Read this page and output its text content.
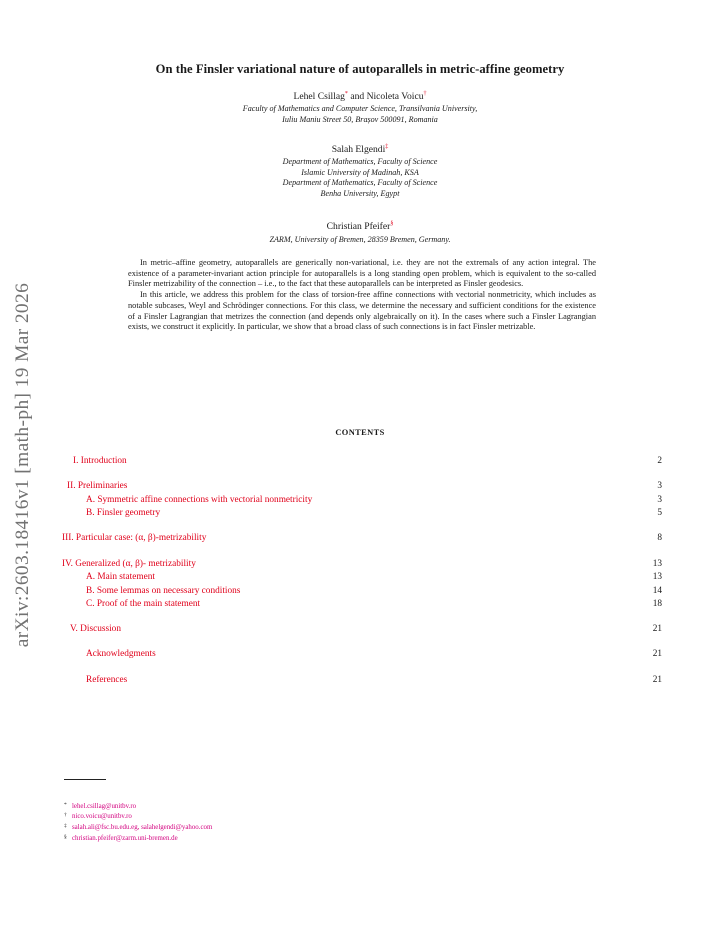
On the Finsler variational nature of autoparallels in metric-affine geometry
Lehel Csillag* and Nicoleta Voicu†
Faculty of Mathematics and Computer Science, Transilvania University,
Iuliu Maniu Street 50, Brașov 500091, Romania
Salah Elgendi‡
Department of Mathematics, Faculty of Science
Islamic University of Madinah, KSA
Department of Mathematics, Faculty of Science
Benha University, Egypt
Christian Pfeifer§
ZARM, University of Bremen, 28359 Bremen, Germany.
arXiv:2603.18416v1 [math-ph] 19 Mar 2026

In metric–affine geometry, autoparallels are generically non-variational, i.e. they are not the extremals of any action integral. The existence of a parameter-invariant action principle for autoparallels is a long standing open problem, which is equivalent to the so-called Finsler metrizability of the connection – i.e., to the fact that these autoparallels can be interpreted as Finsler geodesics.

In this article, we address this problem for the class of torsion-free affine connections with vectorial nonmetricity, which includes as notable subcases, Weyl and Schrödinger connections. For this class, we determine the necessary and sufficient conditions for the existence of a Finsler Lagrangian that metrizes the connection (and depends only algebraically on it). In the cases where such a Finsler Lagrangian exists, we construct it explicitly. In particular, we show that a broad class of such connections is in fact Finsler metrizable.

CONTENTS
I. Introduction	2
II. Preliminaries	3
A. Symmetric affine connections with vectorial nonmetricity	3
B. Finsler geometry	5
III. Particular case: (α, β)-metrizability	8
IV. Generalized (α, β)- metrizability	13
A. Main statement	13
B. Some lemmas on necessary conditions	14
C. Proof of the main statement	18
V. Discussion	21
Acknowledgments	21
References	21
* lehel.csillag@unitbv.ro
† nico.voicu@unitbv.ro
‡ salah.ali@fsc.bu.edu.eg, salahelgendi@yahoo.com
§ christian.pfeifer@zarm.uni-bremen.de
